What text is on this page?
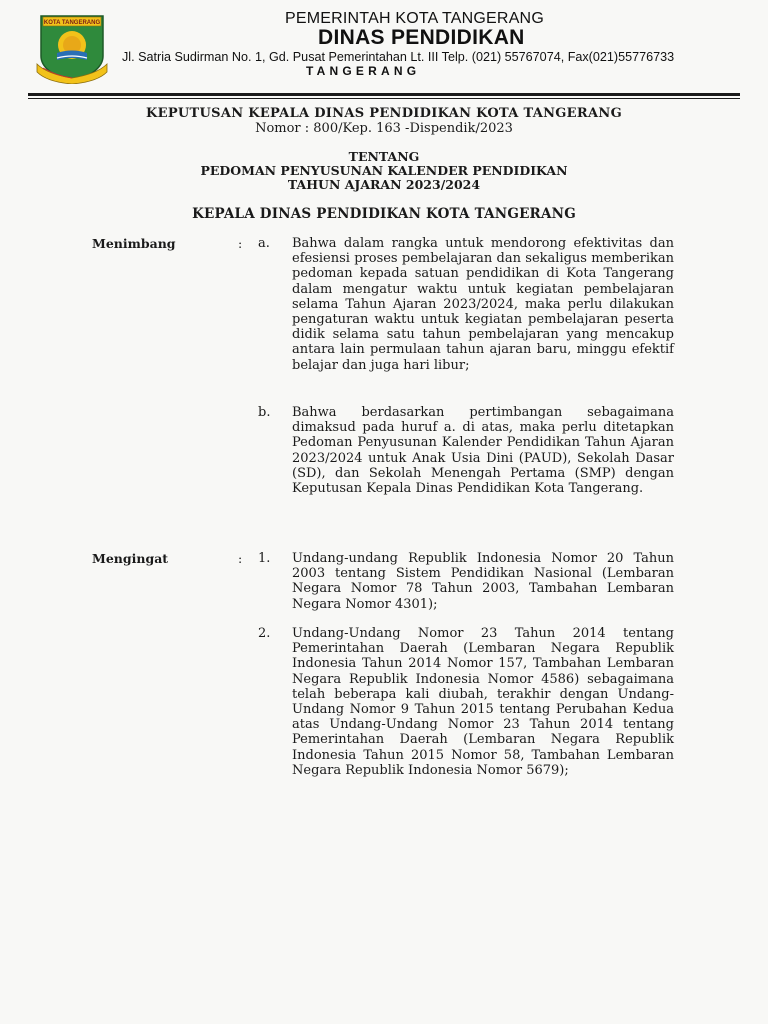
KOTA TANGERANG	PEMERINTAH KOTA TANGERANG
DINAS PENDIDIKAN
Jl. Satria Sudirman No. 1, Gd. Pusat Pemerintahan Lt. III Telp. (021) 55767074, Fax(021)55776733
TANGERANG
KEPUTUSAN KEPALA DINAS PENDIDIKAN KOTA TANGERANG
Nomor : 800/Kep. 163 -Dispendik/2023
TENTANG
PEDOMAN PENYUSUNAN KALENDER PENDIDIKAN
TAHUN AJARAN 2023/2024
KEPALA DINAS PENDIDIKAN KOTA TANGERANG
Menimbang	: a. Bahwa dalam rangka untuk mendorong efektivitas dan efesiensi proses pembelajaran dan sekaligus memberikan pedoman kepada satuan pendidikan di Kota Tangerang dalam mengatur waktu untuk kegiatan pembelajaran selama Tahun Ajaran 2023/2024, maka perlu dilakukan pengaturan waktu untuk kegiatan pembelajaran peserta didik selama satu tahun pembelajaran yang mencakup antara lain permulaan tahun ajaran baru, minggu efektif belajar dan juga hari libur;
b. Bahwa berdasarkan pertimbangan sebagaimana dimaksud pada huruf a. di atas, maka perlu ditetapkan Pedoman Penyusunan Kalender Pendidikan Tahun Ajaran 2023/2024 untuk Anak Usia Dini (PAUD), Sekolah Dasar (SD), dan Sekolah Menengah Pertama (SMP) dengan Keputusan Kepala Dinas Pendidikan Kota Tangerang.
Mengingat	: 1. Undang-undang Republik Indonesia Nomor 20 Tahun 2003 tentang Sistem Pendidikan Nasional (Lembaran Negara Nomor 78 Tahun 2003, Tambahan Lembaran Negara Nomor 4301);
2. Undang-Undang Nomor 23 Tahun 2014 tentang Pemerintahan Daerah (Lembaran Negara Republik Indonesia Tahun 2014 Nomor 157, Tambahan Lembaran Negara Republik Indonesia Nomor 4586) sebagaimana telah beberapa kali diubah, terakhir dengan Undang-Undang Nomor 9 Tahun 2015 tentang Perubahan Kedua atas Undang-Undang Nomor 23 Tahun 2014 tentang Pemerintahan Daerah (Lembaran Negara Republik Indonesia Tahun 2015 Nomor 58, Tambahan Lembaran Negara Republik Indonesia Nomor 5679);
